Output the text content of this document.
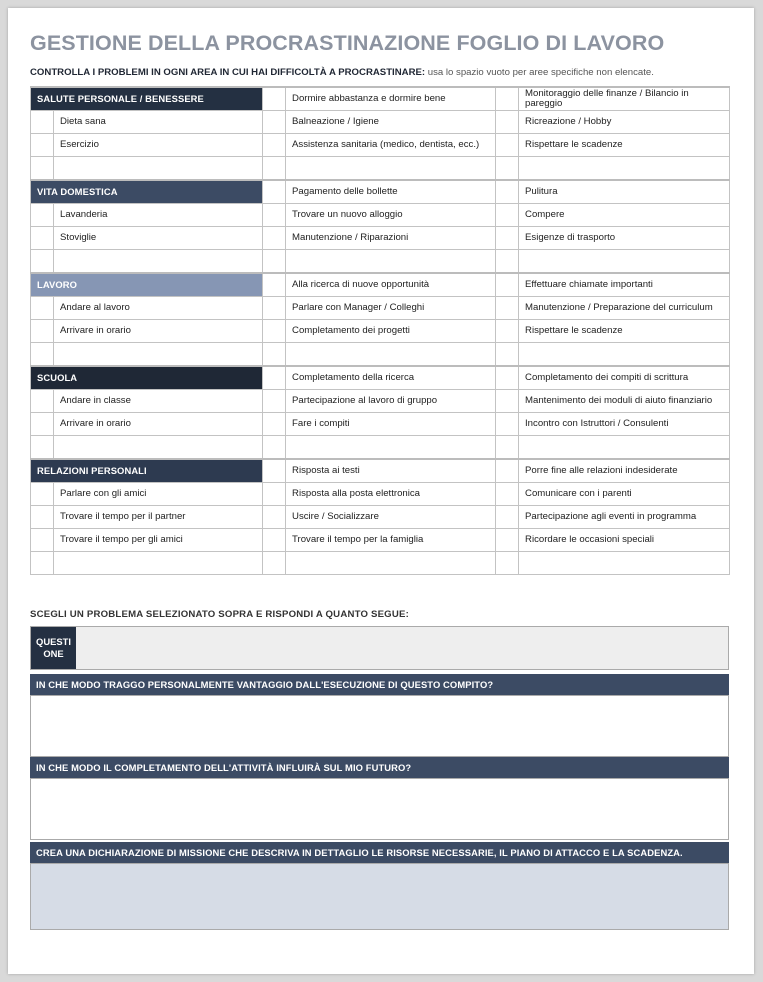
GESTIONE DELLA PROCRASTINAZIONE FOGLIO DI LAVORO
CONTROLLA I PROBLEMI IN OGNI AREA IN CUI HAI DIFFICOLTÀ A PROCRASTINARE: usa lo spazio vuoto per aree specifiche non elencate.
SALUTE PERSONALE / BENESSERE			Dormire abbastanza e dormire bene		Monitoraggio delle finanze / Bilancio in pareggio
	Dieta sana		Balneazione / Igiene		Ricreazione / Hobby
	Esercizio		Assistenza sanitaria (medico, dentista, ecc.)		Rispettare le scadenze

VITA DOMESTICA			Pagamento delle bollette		Pulitura
	Lavanderia		Trovare un nuovo alloggio		Compere
	Stoviglie		Manutenzione / Riparazioni		Esigenze di trasporto

LAVORO			Alla ricerca di nuove opportunità		Effettuare chiamate importanti
	Andare al lavoro		Parlare con Manager / Colleghi		Manutenzione / Preparazione del curriculum
	Arrivare in orario		Completamento dei progetti		Rispettare le scadenze

SCUOLA			Completamento della ricerca		Completamento dei compiti di scrittura
	Andare in classe		Partecipazione al lavoro di gruppo		Mantenimento dei moduli di aiuto finanziario
	Arrivare in orario		Fare i compiti		Incontro con Istruttori / Consulenti

RELAZIONI PERSONALI			Risposta ai testi		Porre fine alle relazioni indesiderate
	Parlare con gli amici		Risposta alla posta elettronica		Comunicare con i parenti
	Trovare il tempo per il partner		Uscire / Socializzare		Partecipazione agli eventi in programma
	Trovare il tempo per gli amici		Trovare il tempo per la famiglia		Ricordare le occasioni speciali

SCEGLI UN PROBLEMA SELEZIONATO SOPRA E RISPONDI A QUANTO SEGUE:
QUESTIONE
IN CHE MODO TRAGGO PERSONALMENTE VANTAGGIO DALL'ESECUZIONE DI QUESTO COMPITO?
IN CHE MODO IL COMPLETAMENTO DELL'ATTIVITÀ INFLUIRÀ SUL MIO FUTURO?
CREA UNA DICHIARAZIONE DI MISSIONE CHE DESCRIVA IN DETTAGLIO LE RISORSE NECESSARIE, IL PIANO DI ATTACCO E LA SCADENZA.
